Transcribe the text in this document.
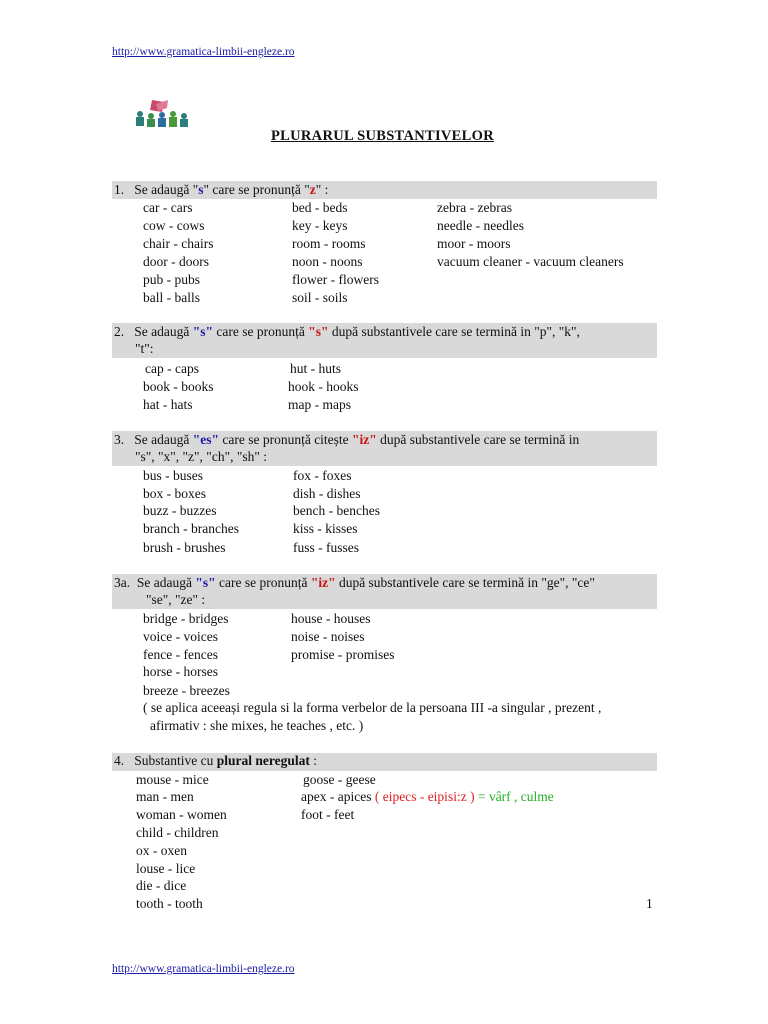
http://www.gramatica-limbii-engleze.ro
PLURARUL SUBSTANTIVELOR
1. Se adaugă "s" care se pronunță "z" :
car - cars
cow - cows
chair - chairs
door - doors
pub - pubs
ball - balls
bed - beds
key - keys
room - rooms
noon - noons
flower - flowers
soil - soils
zebra - zebras
needle - needles
moor - moors
vacuum cleaner - vacuum cleaners
2. Se adaugă "s" care se pronunță "s" după substantivele care se termină in "p", "k",
"t":
cap - caps
book - books
hat - hats
hut - huts
hook - hooks
map - maps
3. Se adaugă "es" care se pronunță citește "iz" după substantivele care se termină in
"s", "x", "z", "ch", "sh" :
bus - buses
box - boxes
buzz - buzzes
branch - branches
brush - brushes
fox - foxes
dish - dishes
bench - benches
kiss - kisses
fuss - fusses
3a. Se adaugă "s" care se pronunță "iz" după substantivele care se termină in "ge", "ce"
"se", "ze" :
bridge - bridges
voice - voices
fence - fences
horse - horses
breeze - breezes
house - houses
noise - noises
promise - promises
( se aplica aceeași regula si la forma verbelor de la persoana III -a singular , prezent ,
afirmativ : she mixes, he teaches , etc. )
4. Substantive cu plural neregulat :
mouse - mice
man - men
woman - women
child - children
ox - oxen
louse - lice
die - dice
tooth - tooth
goose - geese
apex - apices ( eipecs - eipisi:z ) = vârf , culme
foot - feet
1
http://www.gramatica-limbii-engleze.ro
